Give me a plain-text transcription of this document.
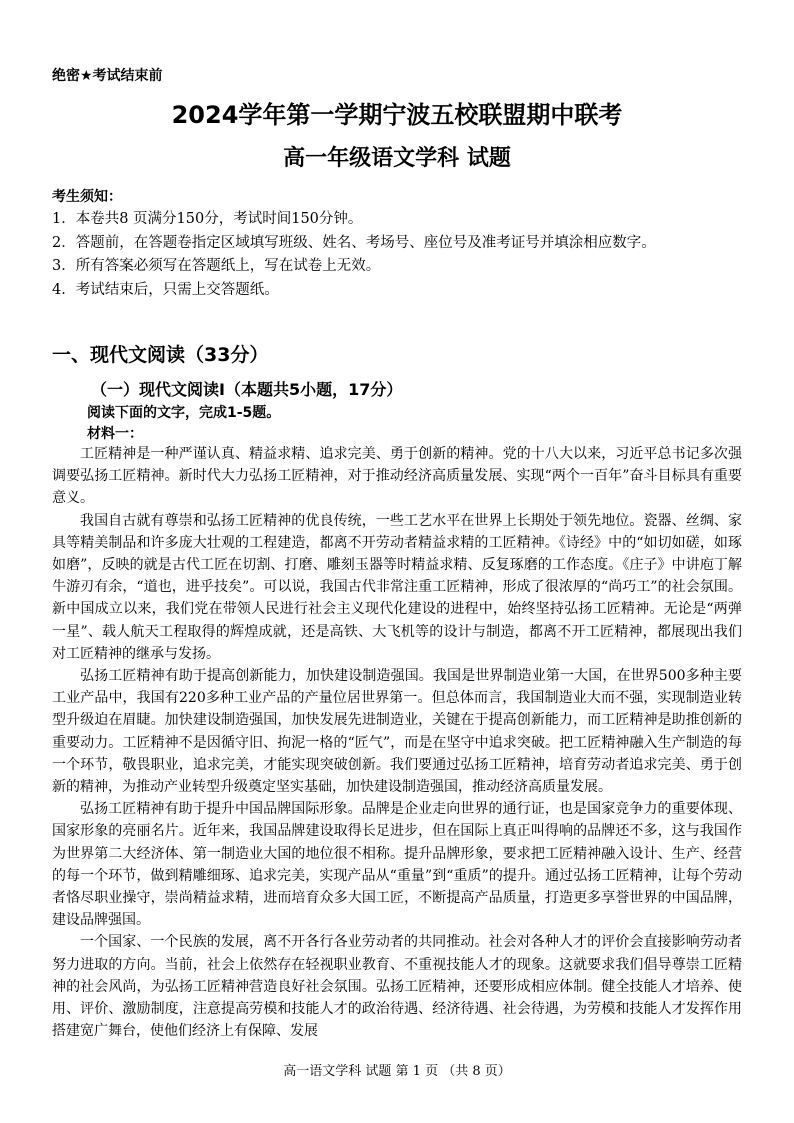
绝密★考试结束前
2024学年第一学期宁波五校联盟期中联考
高一年级语文学科 试题
考生须知：
1．本卷共8 页满分150分，考试时间150分钟。
2．答题前，在答题卷指定区域填写班级、姓名、考场号、座位号及准考证号并填涂相应数字。
3．所有答案必须写在答题纸上，写在试卷上无效。
4．考试结束后，只需上交答题纸。
一、现代文阅读（33分）
（一）现代文阅读Ⅰ（本题共5小题，17分）
阅读下面的文字，完成1-5题。
材料一：

工匠精神是一种严谨认真、精益求精、追求完美、勇于创新的精神。党的十八大以来，习近平总书记多次强调要弘扬工匠精神。新时代大力弘扬工匠精神，对于推动经济高质量发展、实现“两个一百年”奋斗目标具有重要意义。

我国自古就有尊崇和弘扬工匠精神的优良传统，一些工艺水平在世界上长期处于领先地位。瓷器、丝绸、家具等精美制品和许多庞大壮观的工程建造，都离不开劳动者精益求精的工匠精神。《诗经》中的“如切如磋，如琢如磨”，反映的就是古代工匠在切割、打磨、雕刻玉器等时精益求精、反复琢磨的工作态度。《庄子》中讲庖丁解牛游刃有余，“道也，进乎技矣”。可以说，我国古代非常注重工匠精神，形成了很浓厚的“尚巧工”的社会氛围。新中国成立以来，我们党在带领人民进行社会主义现代化建设的进程中，始终坚持弘扬工匠精神。无论是“两弹一星”、载人航天工程取得的辉煌成就，还是高铁、大飞机等的设计与制造，都离不开工匠精神，都展现出我们对工匠精神的继承与发扬。

弘扬工匠精神有助于提高创新能力，加快建设制造强国。我国是世界制造业第一大国，在世界500多种主要工业产品中，我国有220多种工业产品的产量位居世界第一。但总体而言，我国制造业大而不强，实现制造业转型升级迫在眉睫。加快建设制造强国，加快发展先进制造业，关键在于提高创新能力，而工匠精神是助推创新的重要动力。工匠精神不是因循守旧、拘泥一格的“匠气”，而是在坚守中追求突破。把工匠精神融入生产制造的每一个环节，敬畏职业，追求完美，才能实现突破创新。我们要通过弘扬工匠精神，培育劳动者追求完美、勇于创新的精神，为推动产业转型升级奠定坚实基础，加快建设制造强国，推动经济高质量发展。

弘扬工匠精神有助于提升中国品牌国际形象。品牌是企业走向世界的通行证，也是国家竞争力的重要体现、国家形象的亮丽名片。近年来，我国品牌建设取得长足进步，但在国际上真正叫得响的品牌还不多，这与我国作为世界第二大经济体、第一制造业大国的地位很不相称。提升品牌形象，要求把工匠精神融入设计、生产、经营的每一个环节，做到精雕细琢、追求完美，实现产品从“重量”到“重质”的提升。通过弘扬工匠精神，让每个劳动者恪尽职业操守，崇尚精益求精，进而培育众多大国工匠，不断提高产品质量，打造更多享誉世界的中国品牌，建设品牌强国。

一个国家、一个民族的发展，离不开各行各业劳动者的共同推动。社会对各种人才的评价会直接影响劳动者努力进取的方向。当前，社会上依然存在轻视职业教育、不重视技能人才的现象。这就要求我们倡导尊崇工匠精神的社会风尚，为弘扬工匠精神营造良好社会氛围。弘扬工匠精神，还要形成相应体制。健全技能人才培养、使用、评价、激励制度，注意提高劳模和技能人才的政治待遇、经济待遇、社会待遇，为劳模和技能人才发挥作用搭建宽广舞台，使他们经济上有保障、发展

高一语文学科 试题 第 1 页 （共 8 页）
